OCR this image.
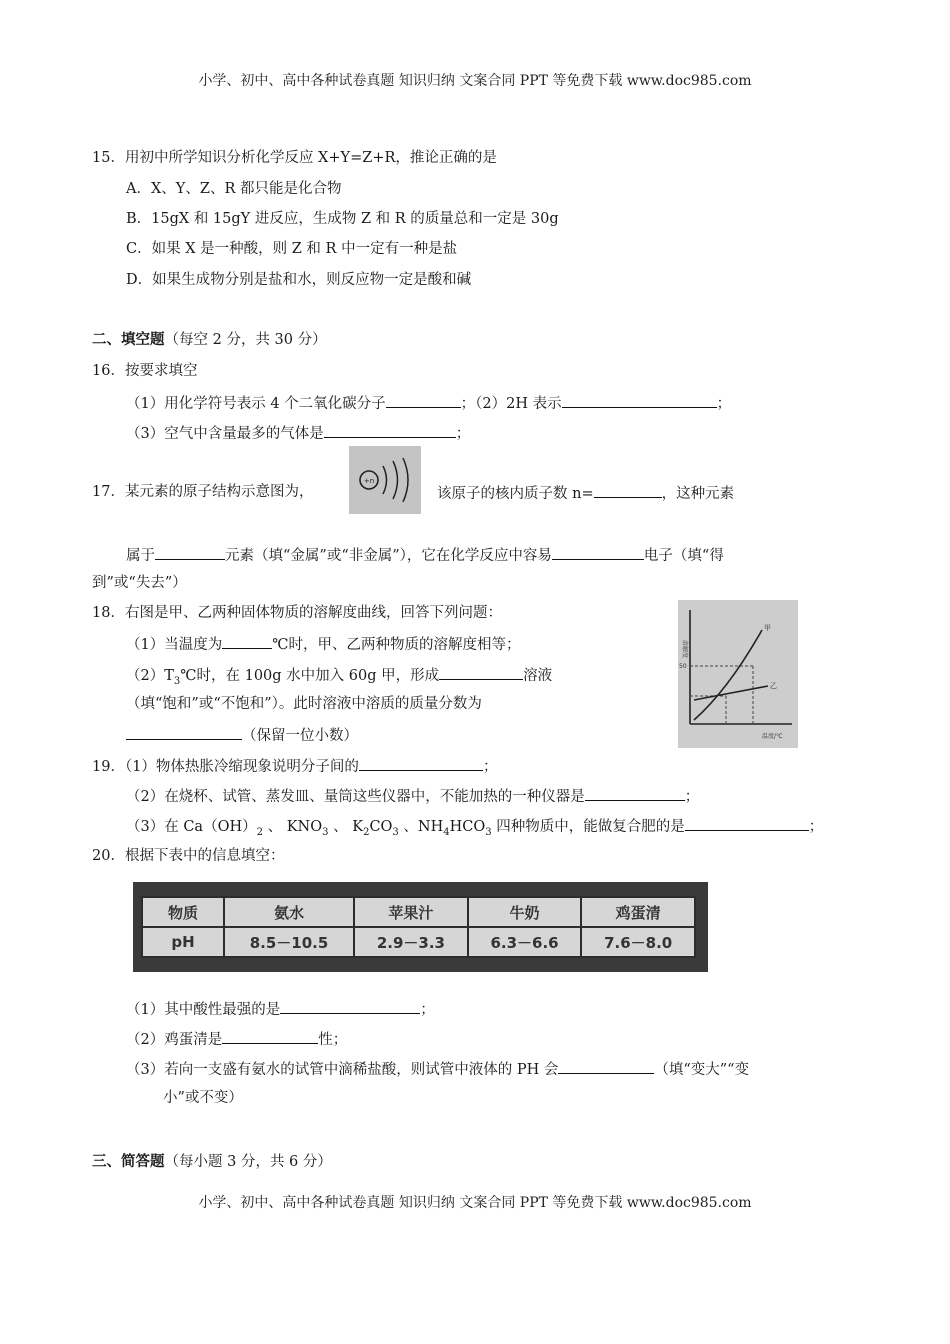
小学、初中、高中各种试卷真题 知识归纳 文案合同 PPT 等免费下载 www.doc985.com
15．用初中所学知识分析化学反应 X+Y=Z+R，推论正确的是
A．X、Y、Z、R 都只能是化合物
B．15gX 和 15gY 进反应，生成物 Z 和 R 的质量总和一定是 30g
C．如果 X 是一种酸，则 Z 和 R 中一定有一种是盐
D．如果生成物分别是盐和水，则反应物一定是酸和碱
二、填空题（每空 2 分，共 30 分）
16．按要求填空
（1）用化学符号表示 4 个二氧化碳分子	；（2）2H 表示	；
（3）空气中含量最多的气体是	；
17．某元素的原子结构示意图为，
+n
该原子的核内质子数 n=	，这种元素
属于	元素（填“金属”或“非金属”），它在化学反应中容易	电子（填“得
到”或“失去”）
18．右图是甲、乙两种固体物质的溶解度曲线，回答下列问题：
（1）当温度为	℃时，甲、乙两种物质的溶解度相等；
$(2)T_3℃$时，在 100g 水中加入 60g 甲，形成	溶液
（填“饱和”或“不饱和”）。此时溶液中溶质的质量分数为
（保留一位小数）
溶解度
50
甲
乙
温度/℃
19．（1）物体热胀冷缩现象说明分子间的	；
（2）在烧杯、试管、蒸发皿、量筒这些仪器中，不能加热的一种仪器是	；
（3）在 $Ca(OH)_2$ 、 $KNO_3$ 、 $K_2CO_3$ 、$NH_4HCO_3$ 四种物质中，能做复合肥的是	；
20．根据下表中的信息填空：
物质	氨水	苹果汁	牛奶	鸡蛋清
pH	8.5－10.5	2.9－3.3	6.3－6.6	7.6－8.0
（1）其中酸性最强的是	；
（2）鸡蛋清是	性；
（3）若向一支盛有氨水的试管中滴稀盐酸，则试管中液体的 PH 会	（填“变大”“变
小”或不变）
三、简答题（每小题 3 分，共 6 分）
小学、初中、高中各种试卷真题 知识归纳 文案合同 PPT 等免费下载 www.doc985.com
